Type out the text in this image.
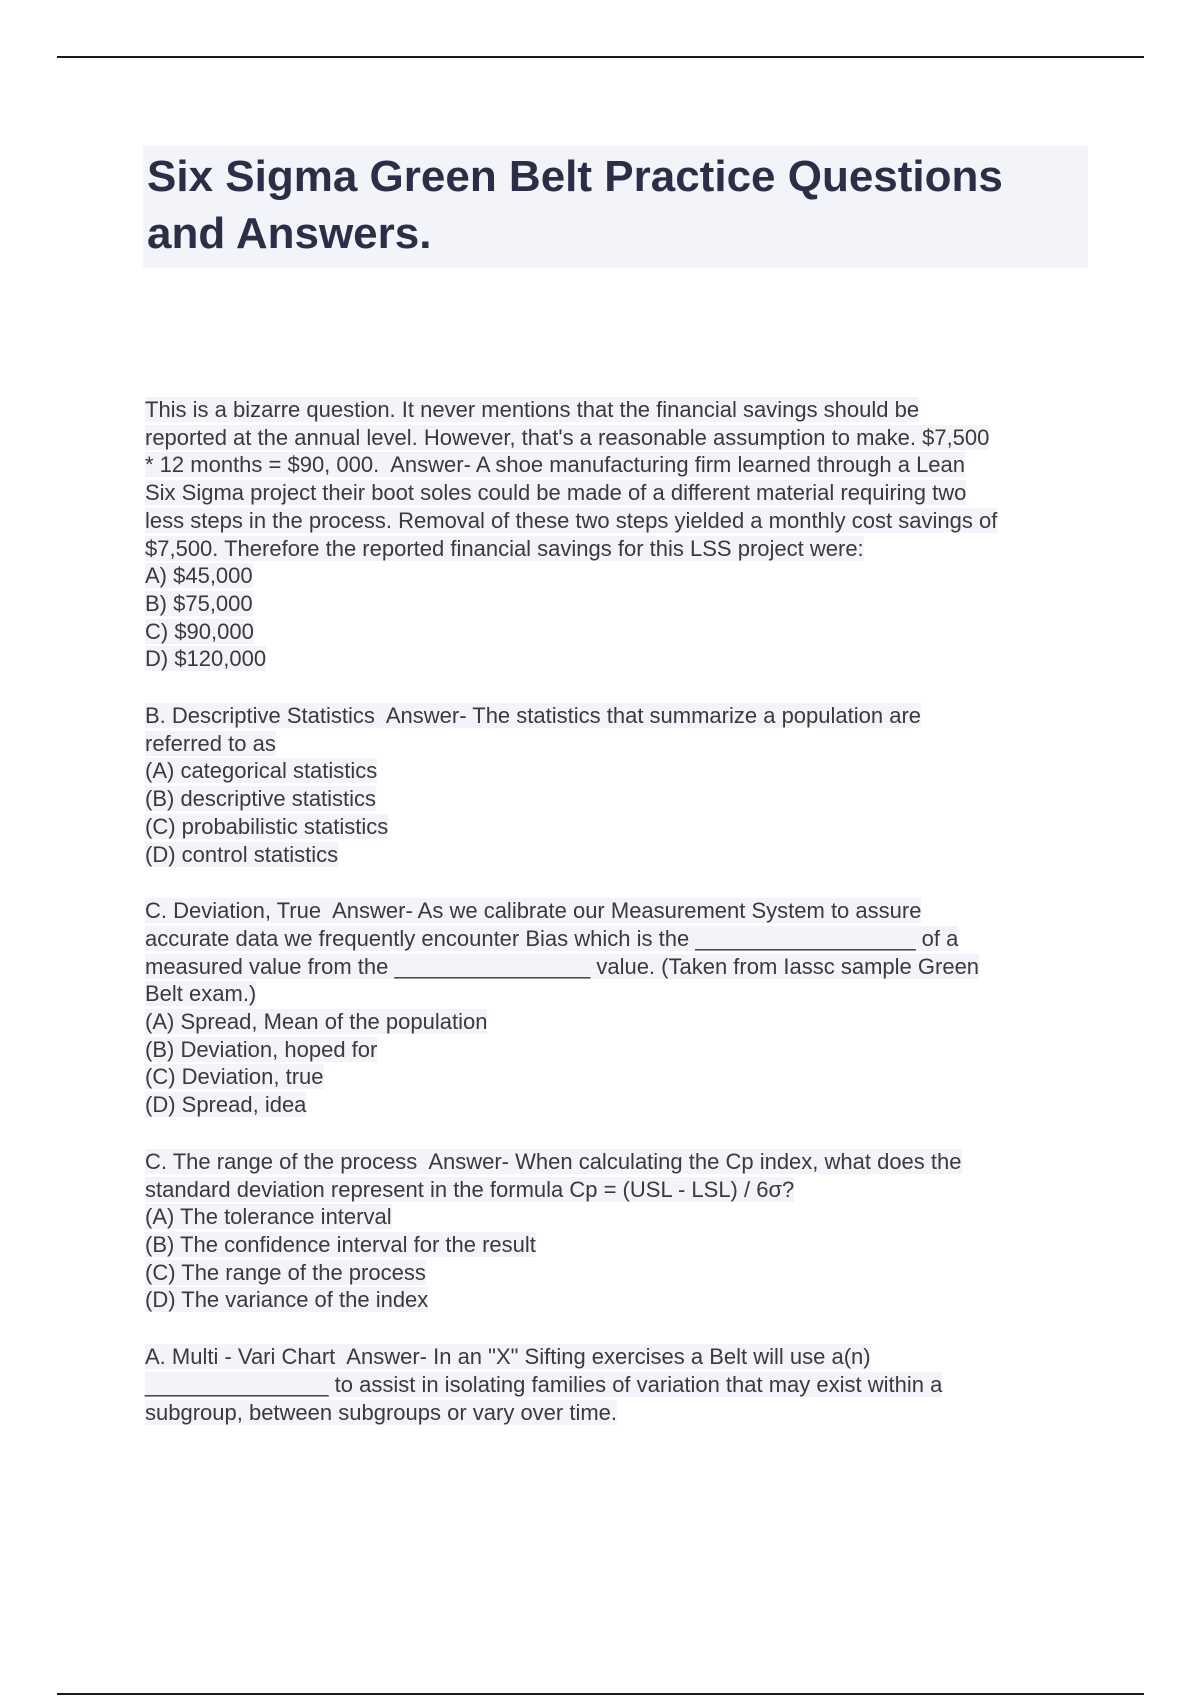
Six Sigma Green Belt Practice Questions
and Answers.
This is a bizarre question. It never mentions that the financial savings should be
reported at the annual level. However, that's a reasonable assumption to make. $7,500
* 12 months = $90, 000.  Answer- A shoe manufacturing firm learned through a Lean
Six Sigma project their boot soles could be made of a different material requiring two
less steps in the process. Removal of these two steps yielded a monthly cost savings of
$7,500. Therefore the reported financial savings for this LSS project were:
A) $45,000
B) $75,000
C) $90,000
D) $120,000
B. Descriptive Statistics  Answer- The statistics that summarize a population are
referred to as
(A) categorical statistics
(B) descriptive statistics
(C) probabilistic statistics
(D) control statistics
C. Deviation, True  Answer- As we calibrate our Measurement System to assure
accurate data we frequently encounter Bias which is the __________________ of a
measured value from the ________________ value. (Taken from Iassc sample Green
Belt exam.)
(A) Spread, Mean of the population
(B) Deviation, hoped for
(C) Deviation, true
(D) Spread, idea
C. The range of the process  Answer- When calculating the Cp index, what does the
standard deviation represent in the formula Cp = (USL - LSL) / 6σ?
(A) The tolerance interval
(B) The confidence interval for the result
(C) The range of the process
(D) The variance of the index
A. Multi - Vari Chart  Answer- In an "X" Sifting exercises a Belt will use a(n)
_______________ to assist in isolating families of variation that may exist within a
subgroup, between subgroups or vary over time.
